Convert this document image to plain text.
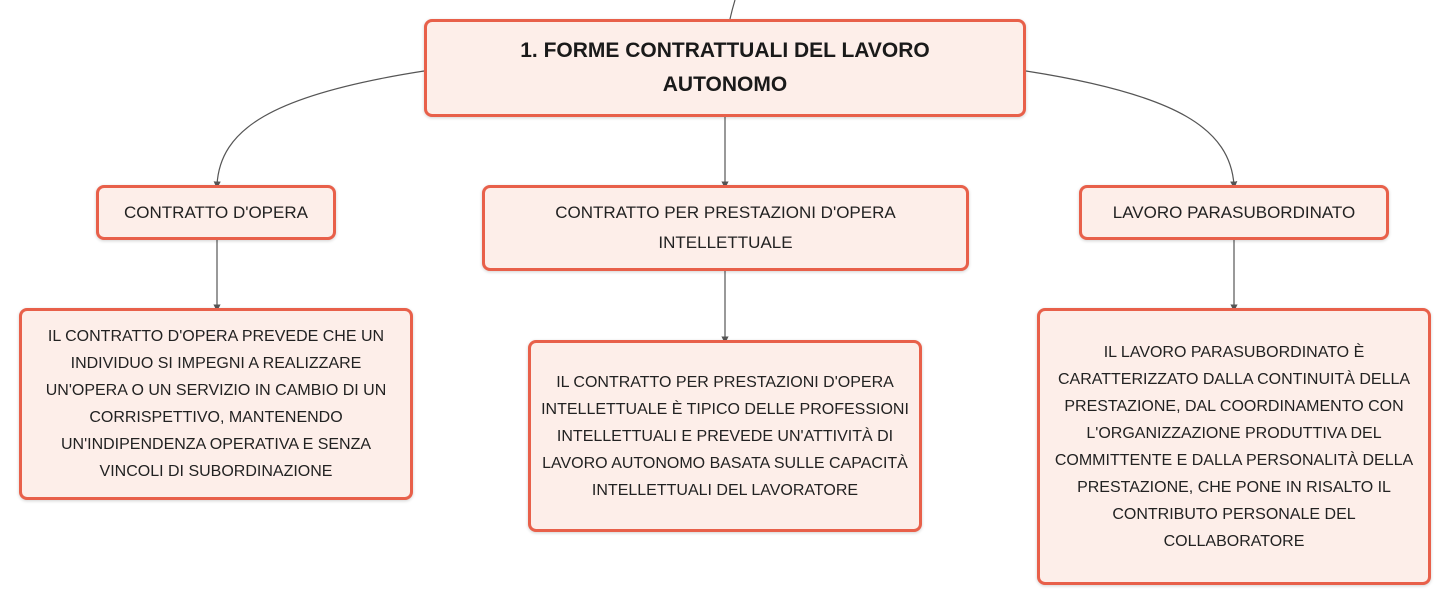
1. FORME CONTRATTUALI DEL LAVORO AUTONOMO
CONTRATTO D'OPERA	CONTRATTO PER PRESTAZIONI D'OPERA INTELLETTUALE
LAVORO PARASUBORDINATO
IL CONTRATTO D'OPERA PREVEDE CHE UN INDIVIDUO SI IMPEGNI A REALIZZARE UN'OPERA O UN SERVIZIO IN CAMBIO DI UN CORRISPETTIVO, MANTENENDO UN'INDIPENDENZA OPERATIVA E SENZA VINCOLI DI SUBORDINAZIONE
IL CONTRATTO PER PRESTAZIONI D'OPERA INTELLETTUALE È TIPICO DELLE PROFESSIONI INTELLETTUALI E PREVEDE UN'ATTIVITÀ DI LAVORO AUTONOMO BASATA SULLE CAPACITÀ INTELLETTUALI DEL LAVORATORE
IL LAVORO PARASUBORDINATO È CARATTERIZZATO DALLA CONTINUITÀ DELLA PRESTAZIONE, DAL COORDINAMENTO CON L'ORGANIZZAZIONE PRODUTTIVA DEL COMMITTENTE E DALLA PERSONALITÀ DELLA PRESTAZIONE, CHE PONE IN RISALTO IL CONTRIBUTO PERSONALE DEL COLLABORATORE
